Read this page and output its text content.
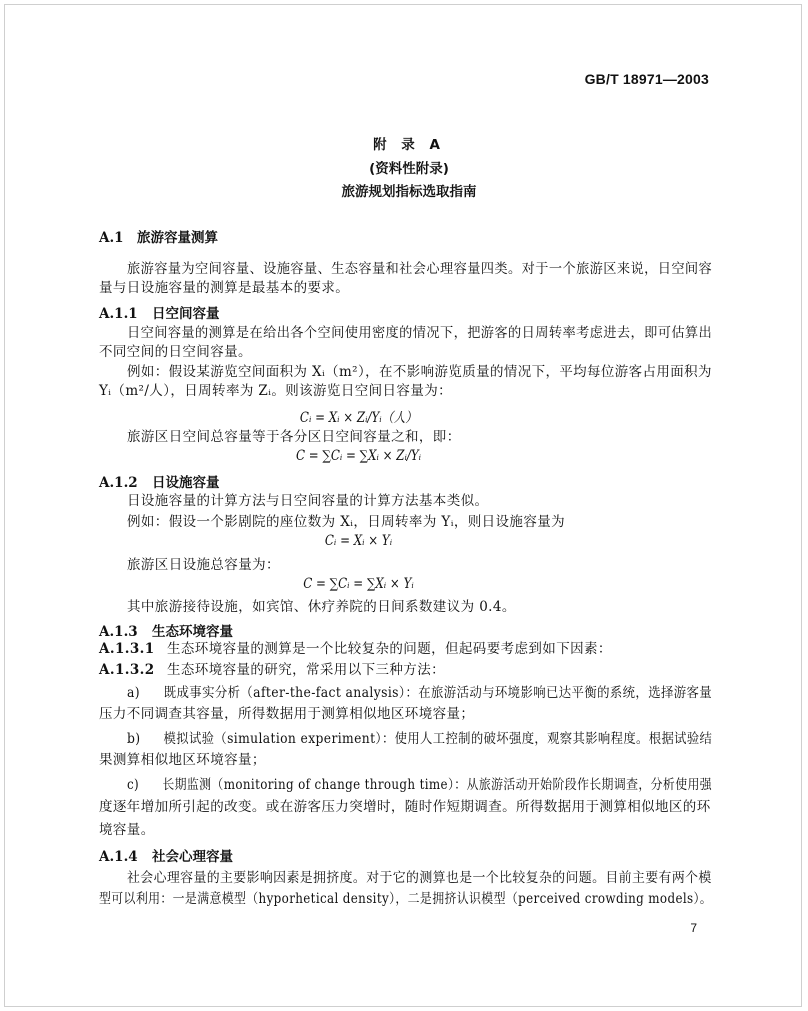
GB/T 18971—2003
附 录 A
(资料性附录)
旅游规划指标选取指南
A.1 旅游容量测算
旅游容量为空间容量、设施容量、生态容量和社会心理容量四类。对于一个旅游区来说，日空间容
量与日设施容量的测算是最基本的要求。
A.1.1 日空间容量
日空间容量的测算是在给出各个空间使用密度的情况下，把游客的日周转率考虑进去，即可估算出
不同空间的日空间容量。
例如：假设某游览空间面积为 Xᵢ（m²），在不影响游览质量的情况下，平均每位游客占用面积为
Yᵢ（m²/人），日周转率为 Zᵢ。则该游览日空间日容量为：
Cᵢ = Xᵢ × Zᵢ/Yᵢ（人）
旅游区日空间总容量等于各分区日空间容量之和，即：
C = ∑Cᵢ = ∑Xᵢ × Zᵢ/Yᵢ
A.1.2 日设施容量
日设施容量的计算方法与日空间容量的计算方法基本类似。
例如：假设一个影剧院的座位数为 Xᵢ，日周转率为 Yᵢ，则日设施容量为
Cᵢ = Xᵢ × Yᵢ
旅游区日设施总容量为：
C = ∑Cᵢ = ∑Xᵢ × Yᵢ
其中旅游接待设施，如宾馆、休疗养院的日间系数建议为 0.4。
A.1.3 生态环境容量
A.1.3.1 生态环境容量的测算是一个比较复杂的问题，但起码要考虑到如下因素：
A.1.3.2 生态环境容量的研究，常采用以下三种方法：
a) 既成事实分析（after-the-fact analysis）：在旅游活动与环境影响已达平衡的系统，选择游客量
压力不同调查其容量，所得数据用于测算相似地区环境容量；
b) 模拟试验（simulation experiment）：使用人工控制的破坏强度，观察其影响程度。根据试验结
果测算相似地区环境容量；
c) 长期监测（monitoring of change through time）：从旅游活动开始阶段作长期调查，分析使用强
度逐年增加所引起的改变。或在游客压力突增时，随时作短期调查。所得数据用于测算相似地区的环
境容量。
A.1.4 社会心理容量
社会心理容量的主要影响因素是拥挤度。对于它的测算也是一个比较复杂的问题。目前主要有两个模
型可以利用：一是满意模型（hyporhetical density），二是拥挤认识模型（perceived crowding models）。
7
